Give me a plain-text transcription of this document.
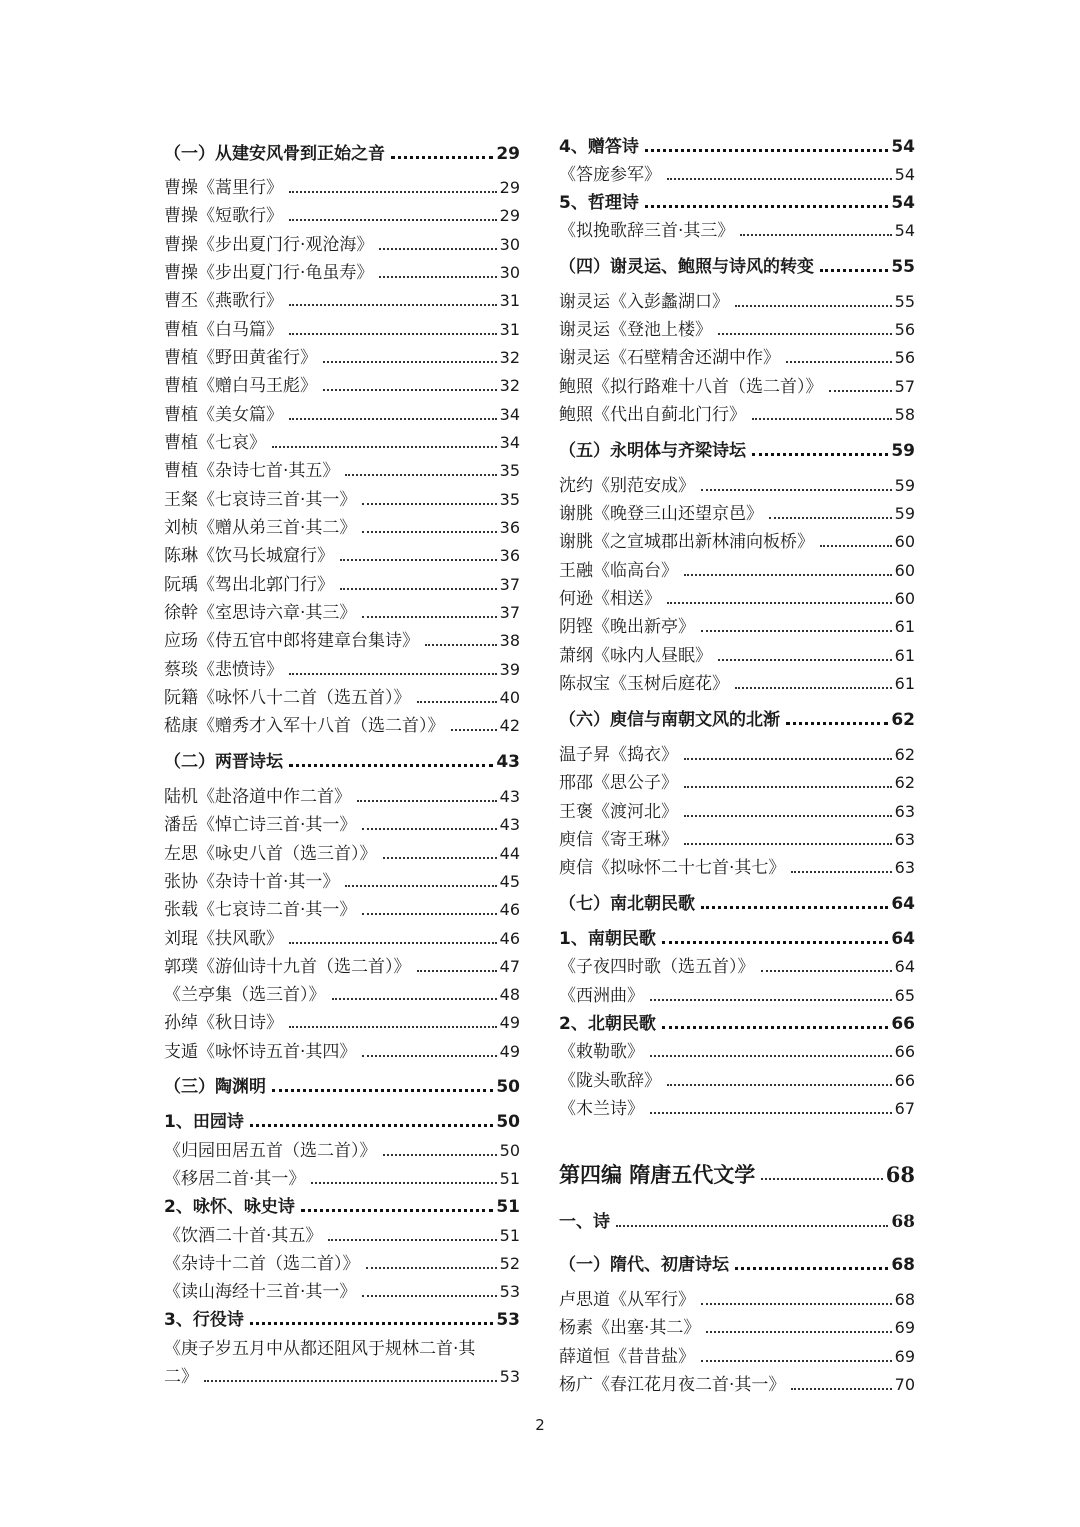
（一）从建安风骨到正始之音	29
曹操《蒿里行》	29
曹操《短歌行》	29
曹操《步出夏门行·观沧海》	30
曹操《步出夏门行·龟虽寿》	30
曹丕《燕歌行》	31
曹植《白马篇》	31
曹植《野田黄雀行》	32
曹植《赠白马王彪》	32
曹植《美女篇》	34
曹植《七哀》	34
曹植《杂诗七首·其五》	35
王粲《七哀诗三首·其一》	35
刘桢《赠从弟三首·其二》	36
陈琳《饮马长城窟行》	36
阮瑀《驾出北郭门行》	37
徐幹《室思诗六章·其三》	37
应玚《侍五官中郎将建章台集诗》	38
蔡琰《悲愤诗》	39
阮籍《咏怀八十二首（选五首）》	40
嵇康《赠秀才入军十八首（选二首）》	42
（二）两晋诗坛	43
陆机《赴洛道中作二首》	43
潘岳《悼亡诗三首·其一》	43
左思《咏史八首（选三首）》	44
张协《杂诗十首·其一》	45
张载《七哀诗二首·其一》	46
刘琨《扶风歌》	46
郭璞《游仙诗十九首（选二首）》	47
《兰亭集（选三首）》	48
孙绰《秋日诗》	49
支遁《咏怀诗五首·其四》	49
（三）陶渊明	50
1、田园诗	50
《归园田居五首（选二首）》	50
《移居二首·其一》	51
2、咏怀、咏史诗	51
《饮酒二十首·其五》	51
《杂诗十二首（选二首）》	52
《读山海经十三首·其一》	53
3、行役诗	53
《庚子岁五月中从都还阻风于规林二首·其
二》	53
4、赠答诗	54
《答庞参军》	54
5、哲理诗	54
《拟挽歌辞三首·其三》	54
（四）谢灵运、鲍照与诗风的转变	55
谢灵运《入彭蠡湖口》	55
谢灵运《登池上楼》	56
谢灵运《石壁精舍还湖中作》	56
鲍照《拟行路难十八首（选二首）》	57
鲍照《代出自蓟北门行》	58
（五）永明体与齐梁诗坛	59
沈约《别范安成》	59
谢朓《晚登三山还望京邑》	59
谢朓《之宣城郡出新林浦向板桥》	60
王融《临高台》	60
何逊《相送》	60
阴铿《晚出新亭》	61
萧纲《咏内人昼眠》	61
陈叔宝《玉树后庭花》	61
（六）庾信与南朝文风的北渐	62
温子昇《捣衣》	62
邢邵《思公子》	62
王褒《渡河北》	63
庾信《寄王琳》	63
庾信《拟咏怀二十七首·其七》	63
（七）南北朝民歌	64
1、南朝民歌	64
《子夜四时歌（选五首）》	64
《西洲曲》	65
2、北朝民歌	66
《敕勒歌》	66
《陇头歌辞》	66
《木兰诗》	67
第四编 隋唐五代文学	68
一、诗	68
（一）隋代、初唐诗坛	68
卢思道《从军行》	68
杨素《出塞·其二》	69
薛道恒《昔昔盐》	69
杨广《春江花月夜二首·其一》	70
2
